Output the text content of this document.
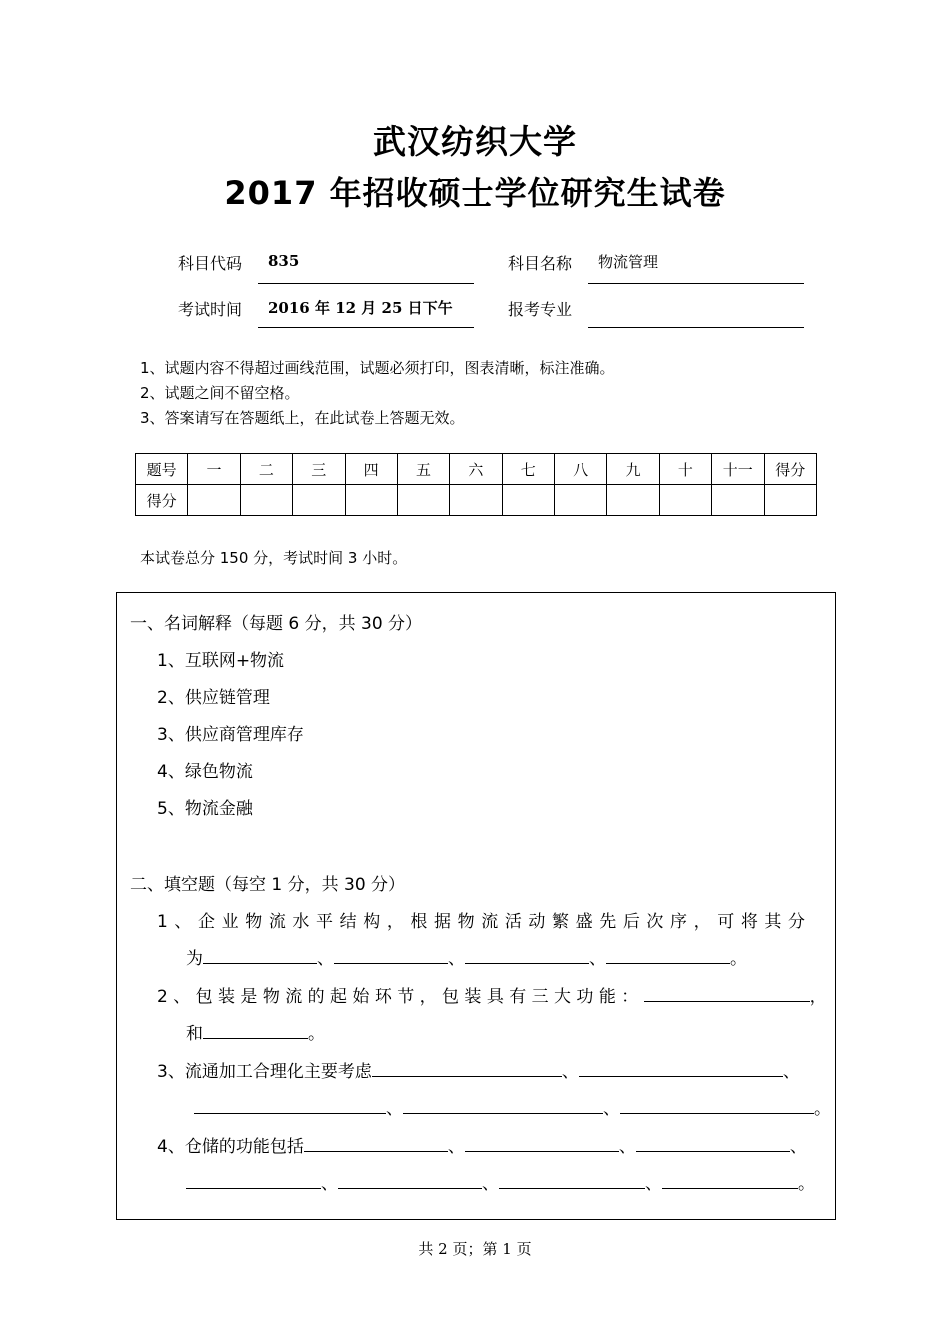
武汉纺织大学
2017 年招收硕士学位研究生试卷
科目代码 835	科目名称 物流管理
考试时间 2016 年 12 月 25 日下午	报考专业
1、试题内容不得超过画线范围，试题必须打印，图表清晰，标注准确。
2、试题之间不留空格。
3、答案请写在答题纸上，在此试卷上答题无效。
题号	一	二	三	四	五	六	七	八	九	十	十一	得分
得分												
本试卷总分 150 分，考试时间 3 小时。
一、名词解释（每题 6 分，共 30 分）
1、互联网+物流
2、供应链管理
3、供应商管理库存
4、绿色物流
5、物流金融
二、填空题（每空 1 分，共 30 分）
1、企业物流水平结构，根据物流活动繁盛先后次序，可将其分
为	、	、	、	。
2、包装是物流的起始环节，包装具有三大功能：	，
和	。
3、流通加工合理化主要考虑	、	、
、	、	。
4、仓储的功能包括	、	、	、
、	、	、	。
共 2 页；第 1 页
